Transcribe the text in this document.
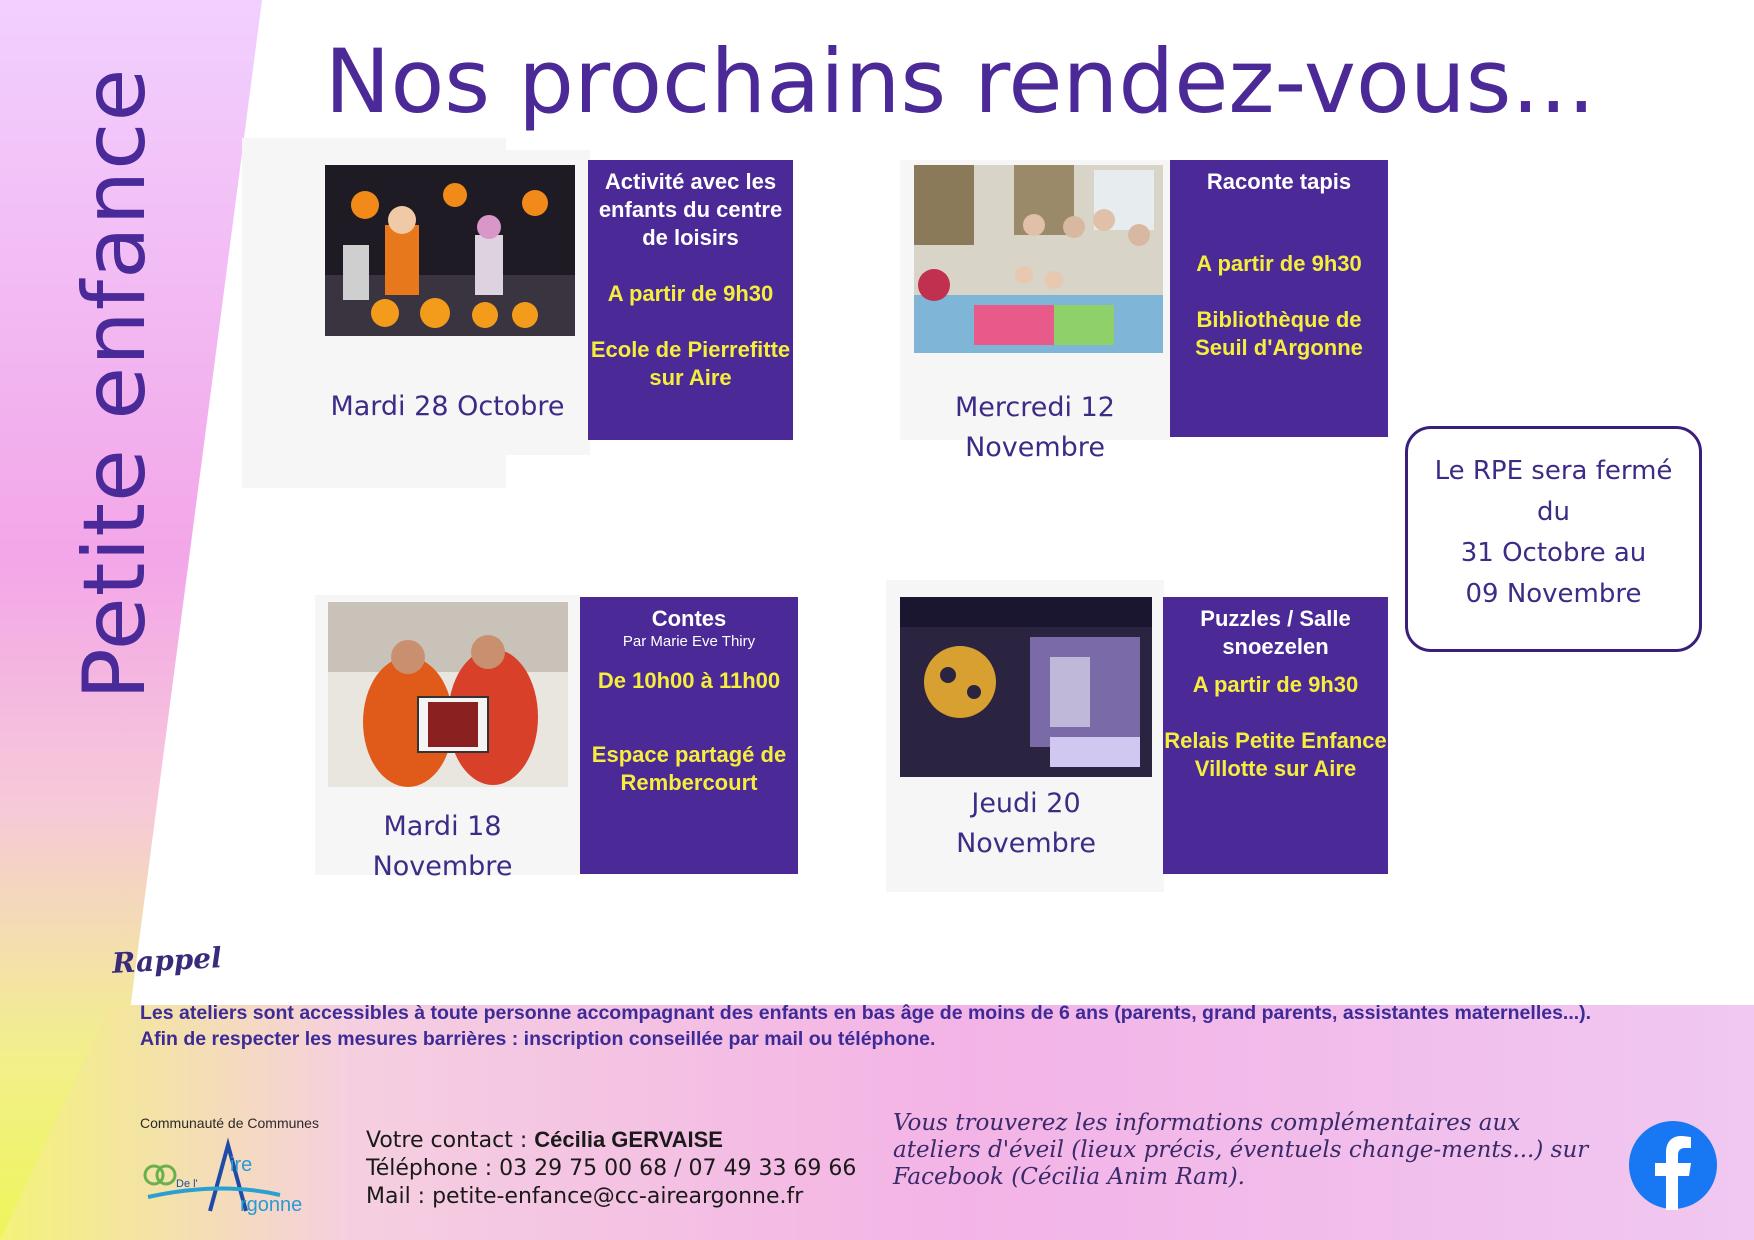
Petite enfance Nos prochains rendez-vous...
Mardi 28 Octobre
Activité avec les enfants du centre de loisirs
A partir de 9h30
Ecole de Pierrefitte sur Aire
Mercredi 12
Novembre
Raconte tapis
A partir de 9h30
Bibliothèque de Seuil d'Argonne
Mardi 18
Novembre
Contes
Par Marie Eve Thiry
De 10h00 à 11h00
Espace partagé de Rembercourt
Jeudi 20
Novembre
Puzzles / Salle snoezelen
A partir de 9h30
Relais Petite Enfance Villotte sur Aire
Le RPE sera fermé
du
31 Octobre au
09 Novembre
Rappel
Les ateliers sont accessibles à toute personne accompagnant des enfants en bas âge de moins de 6 ans (parents, grand parents, assistantes maternelles...).
Afin de respecter les mesures barrières : inscription conseillée par mail ou téléphone.
Communauté de Communes
ire
De l'
rgonne
Votre contact : Cécilia GERVAISE
Téléphone : 03 29 75 00 68 / 07 49 33 69 66
Mail : petite-enfance@cc-aireargonne.fr
Vous trouverez les informations complémentaires aux ateliers d'éveil (lieux précis, éventuels change-ments...) sur Facebook (Cécilia Anim Ram).
